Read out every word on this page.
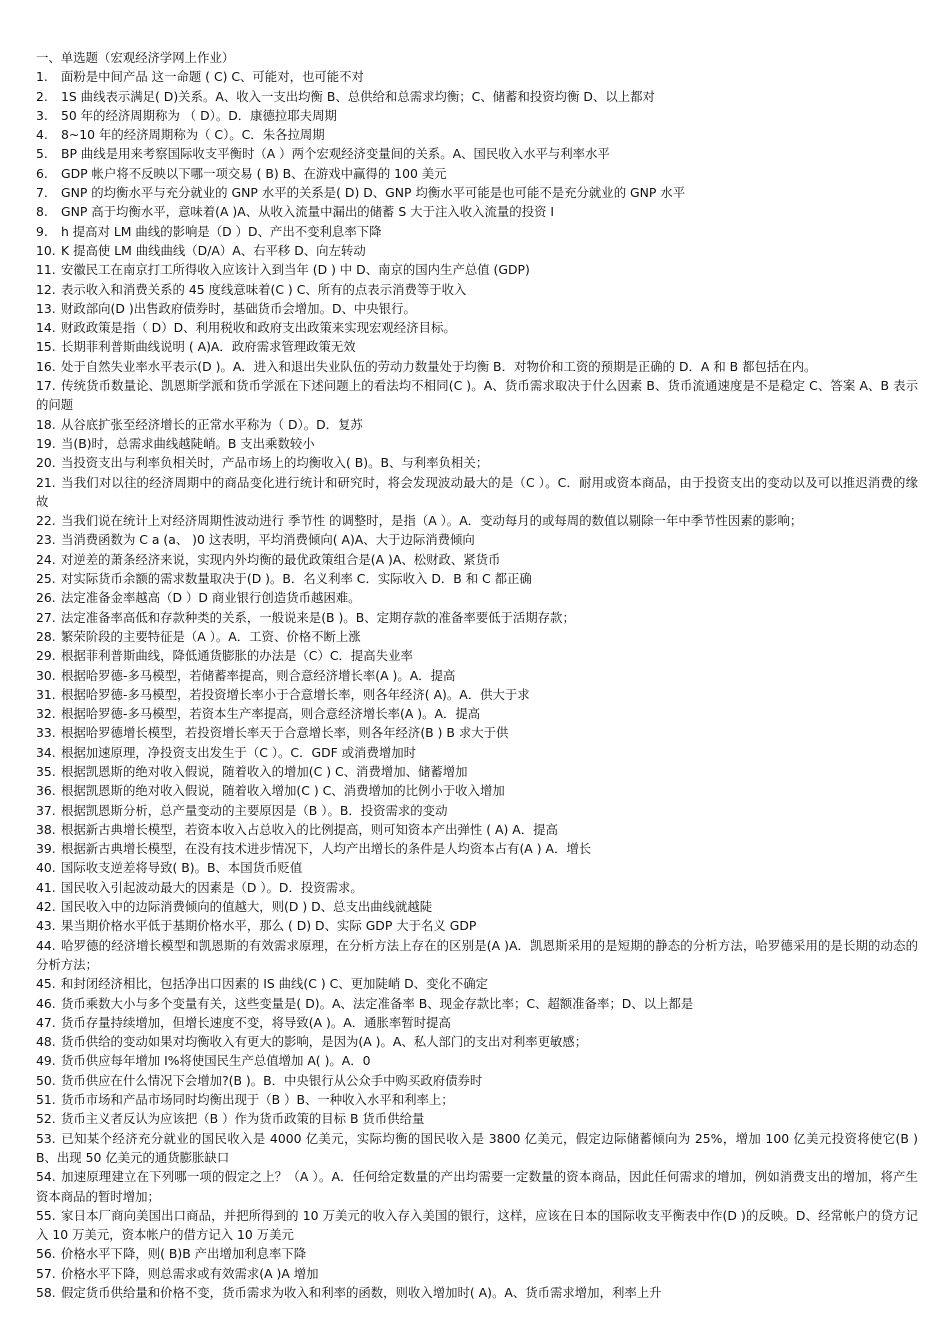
一、单选题（宏观经济学网上作业）
1. 面粉是中间产品 这一命题 ( C) C、可能对，也可能不对
2. 1S 曲线表示满足( D)关系。A、收入一支出均衡 B、总供给和总需求均衡；C、储蓄和投资均衡 D、以上都对
3. 50 年的经济周期称为 （ D）。D．康德拉耶夫周期
4. 8~10 年的经济周期称为（ C）。C．朱各拉周期
5. BP 曲线是用来考察国际收支平衡时（A ）两个宏观经济变量间的关系。A、国民收入水平与利率水平
6. GDP 帐户将不反映以下哪一项交易 ( B) B、在游戏中赢得的 100 美元
7. GNP 的均衡水平与充分就业的 GNP 水平的关系是( D) D、GNP 均衡水平可能是也可能不是充分就业的 GNP 水平
8. GNP 高于均衡水平，意味着(A )A、从收入流量中漏出的储蓄 S 大于注入收入流量的投资 I
9. h 提高对 LM 曲线的影响是（D ）D、产出不变利息率下降
10. K 提高使 LM 曲线曲线（D/A）A、右平移 D、向左转动
11. 安徽民工在南京打工所得收入应该计入到当年 (D ) 中 D、南京的国内生产总值 (GDP)
12. 表示收入和消费关系的 45 度线意味着(C ) C、所有的点表示消费等于收入
13. 财政部向(D )出售政府债券时，基础货币会增加。D、中央银行。
14. 财政政策是指（ D）D、利用税收和政府支出政策来实现宏观经济目标。
15. 长期菲利普斯曲线说明 ( A)A．政府需求管理政策无效
16. 处于自然失业率水平表示(D )。A．进入和退出失业队伍的劳动力数量处于均衡 B．对物价和工资的预期是正确的 D．A 和 B 都包括在内。
17. 传统货币数量论、凯恩斯学派和货币学派在下述问题上的看法均不相同(C )。A、货币需求取决于什么因素 B、货币流通速度是不是稳定 C、答案 A、B 表示的问题
18. 从谷底扩张至经济增长的正常水平称为（ D）。D．复苏
19. 当(B)时，总需求曲线越陡峭。B 支出乘数较小
20. 当投资支出与利率负相关时，产品市场上的均衡收入( B)。B、与利率负相关；
21. 当我们对以往的经济周期中的商品变化进行统计和研究时，将会发现波动最大的是（C ）。C．耐用或资本商品，由于投资支出的变动以及可以推迟消费的缘故
22. 当我们说在统计上对经济周期性波动进行 季节性 的调整时，是指（A ）。A．变动每月的或每周的数值以剔除一年中季节性因素的影响；
23. 当消费函数为 C a (a、 )0 这表明，平均消费倾向( A)A、大于边际消费倾向
24. 对逆差的萧条经济来说，实现内外均衡的最优政策组合是(A )A、松财政、紧货币
25. 对实际货币余额的需求数量取决于(D )。B．名义利率 C．实际收入 D．B 和 C 都正确
26. 法定准备金率越高（D ）D 商业银行创造货币越困难。
27. 法定准备率高低和存款种类的关系，一般说来是(B )。B、定期存款的准备率要低于活期存款；
28. 繁荣阶段的主要特征是（A ）。A．工资、价格不断上涨
29. 根据菲利普斯曲线，降低通货膨胀的办法是（C）C．提高失业率
30. 根据哈罗德-多马模型，若储蓄率提高，则合意经济增长率(A )。A．提高
31. 根据哈罗德-多马模型，若投资增长率小于合意增长率，则各年经济( A)。A．供大于求
32. 根据哈罗德-多马模型，若资本生产率提高，则合意经济增长率(A )。A．提高
33. 根据哈罗德增长模型，若投资增长率天于合意增长率，则各年经济(B ) B 求大于供
34. 根据加速原理，净投资支出发生于（C ）。C．GDF 或消费增加时
35. 根据凯恩斯的绝对收入假说，随着收入的增加(C ) C、消费增加、储蓄增加
36. 根据凯恩斯的绝对收入假说，随着收入增加(C ) C、消费增加的比例小于收入增加
37. 根据凯恩斯分析，总产量变动的主要原因是（B ）。B．投资需求的变动
38. 根据新古典增长模型，若资本收入占总收入的比例提高，则可知资本产出弹性 ( A) A．提高
39. 根据新古典增长模型，在没有技术进步情况下，人均产出增长的条件是人均资本占有(A ) A．增长
40. 国际收支逆差将导致( B)。B、本国货币贬值
41. 国民收入引起波动最大的因素是（D ）。D．投资需求。
42. 国民收入中的边际消费倾向的值越大，则(D ) D、总支出曲线就越陡
43. 果当期价格水平低于基期价格水平，那么 ( D) D、实际 GDP 大于名义 GDP
44. 哈罗德的经济增长模型和凯恩斯的有效需求原理，在分析方法上存在的区别是(A )A．凯恩斯采用的是短期的静态的分析方法，哈罗德采用的是长期的动态的分析方法；
45. 和封闭经济相比，包括净出口因素的 IS 曲线(C ) C、更加陡峭 D、变化不确定
46. 货币乘数大小与多个变量有关，这些变量是( D)。A、法定准备率 B、现金存款比率；C、超额准备率；D、以上都是
47. 货币存量持续增加，但增长速度不变，将导致(A )。A．通胀率暂时提高
48. 货币供给的变动如果对均衡收入有更大的影响，是因为(A )。A、私人部门的支出对利率更敏感；
49. 货币供应每年增加 I%将使国民生产总值增加 A( )。A．0
50. 货币供应在什么情况下会增加?(B )。B．中央银行从公众手中购买政府债券时
51. 货币市场和产品市场同时均衡出现于（B ）B、一种收入水平和利率上；
52. 货币主义者反认为应该把（B ）作为货币政策的目标 B 货币供给量
53. 已知某个经济充分就业的国民收入是 4000 亿美元，实际均衡的国民收入是 3800 亿美元，假定边际储蓄倾向为 25%，增加 100 亿美元投资将使它(B ) B、出现 50 亿美元的通货膨胀缺口
54. 加速原理建立在下列哪一项的假定之上？（A ）。A．任何给定数量的产出均需要一定数量的资本商品，因此任何需求的增加，例如消费支出的增加，将产生资本商品的暂时增加；
55. 家日本厂商向美国出口商品，并把所得到的 10 万美元的收入存入美国的银行，这样，应该在日本的国际收支平衡表中作(D )的反映。D、经常帐户的贷方记入 10 万美元，资本帐户的借方记入 10 万美元
56. 价格水平下降，则( B)B 产出增加利息率下降
57. 价格水平下降，则总需求或有效需求(A )A 增加
58. 假定货币供给量和价格不变，货币需求为收入和利率的函数，则收入增加时( A)。A、货币需求增加，利率上升
